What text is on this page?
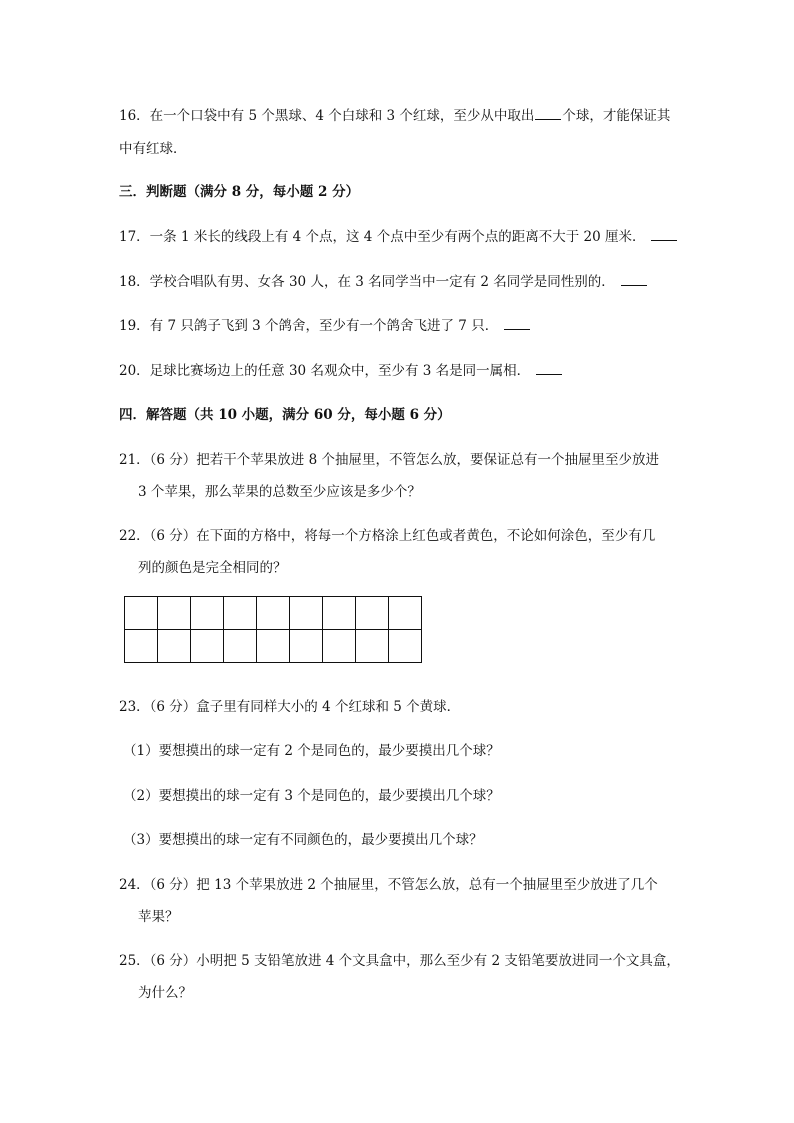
16．在一个口袋中有 5 个黑球、4 个白球和 3 个红球，至少从中取出 个球，才能保证其
中有红球．
三．判断题（满分 8 分，每小题 2 分）
17．一条 1 米长的线段上有 4 个点，这 4 个点中至少有两个点的距离不大于 20 厘米．
18．学校合唱队有男、女各 30 人，在 3 名同学当中一定有 2 名同学是同性别的．
19．有 7 只鸽子飞到 3 个鸽舍，至少有一个鸽舍飞进了 7 只．
20．足球比赛场边上的任意 30 名观众中，至少有 3 名是同一属相．
四．解答题（共 10 小题，满分 60 分，每小题 6 分）
21．（6 分）把若干个苹果放进 8 个抽屉里，不管怎么放，要保证总有一个抽屉里至少放进
3 个苹果，那么苹果的总数至少应该是多少个？
22．（6 分）在下面的方格中，将每一个方格涂上红色或者黄色，不论如何涂色，至少有几
列的颜色是完全相同的？

23．（6 分）盒子里有同样大小的 4 个红球和 5 个黄球．
（1）要想摸出的球一定有 2 个是同色的，最少要摸出几个球？
（2）要想摸出的球一定有 3 个是同色的，最少要摸出几个球？
（3）要想摸出的球一定有不同颜色的，最少要摸出几个球？
24．（6 分）把 13 个苹果放进 2 个抽屉里，不管怎么放，总有一个抽屉里至少放进了几个
苹果？
25．（6 分）小明把 5 支铅笔放进 4 个文具盒中，那么至少有 2 支铅笔要放进同一个文具盒，
为什么？
